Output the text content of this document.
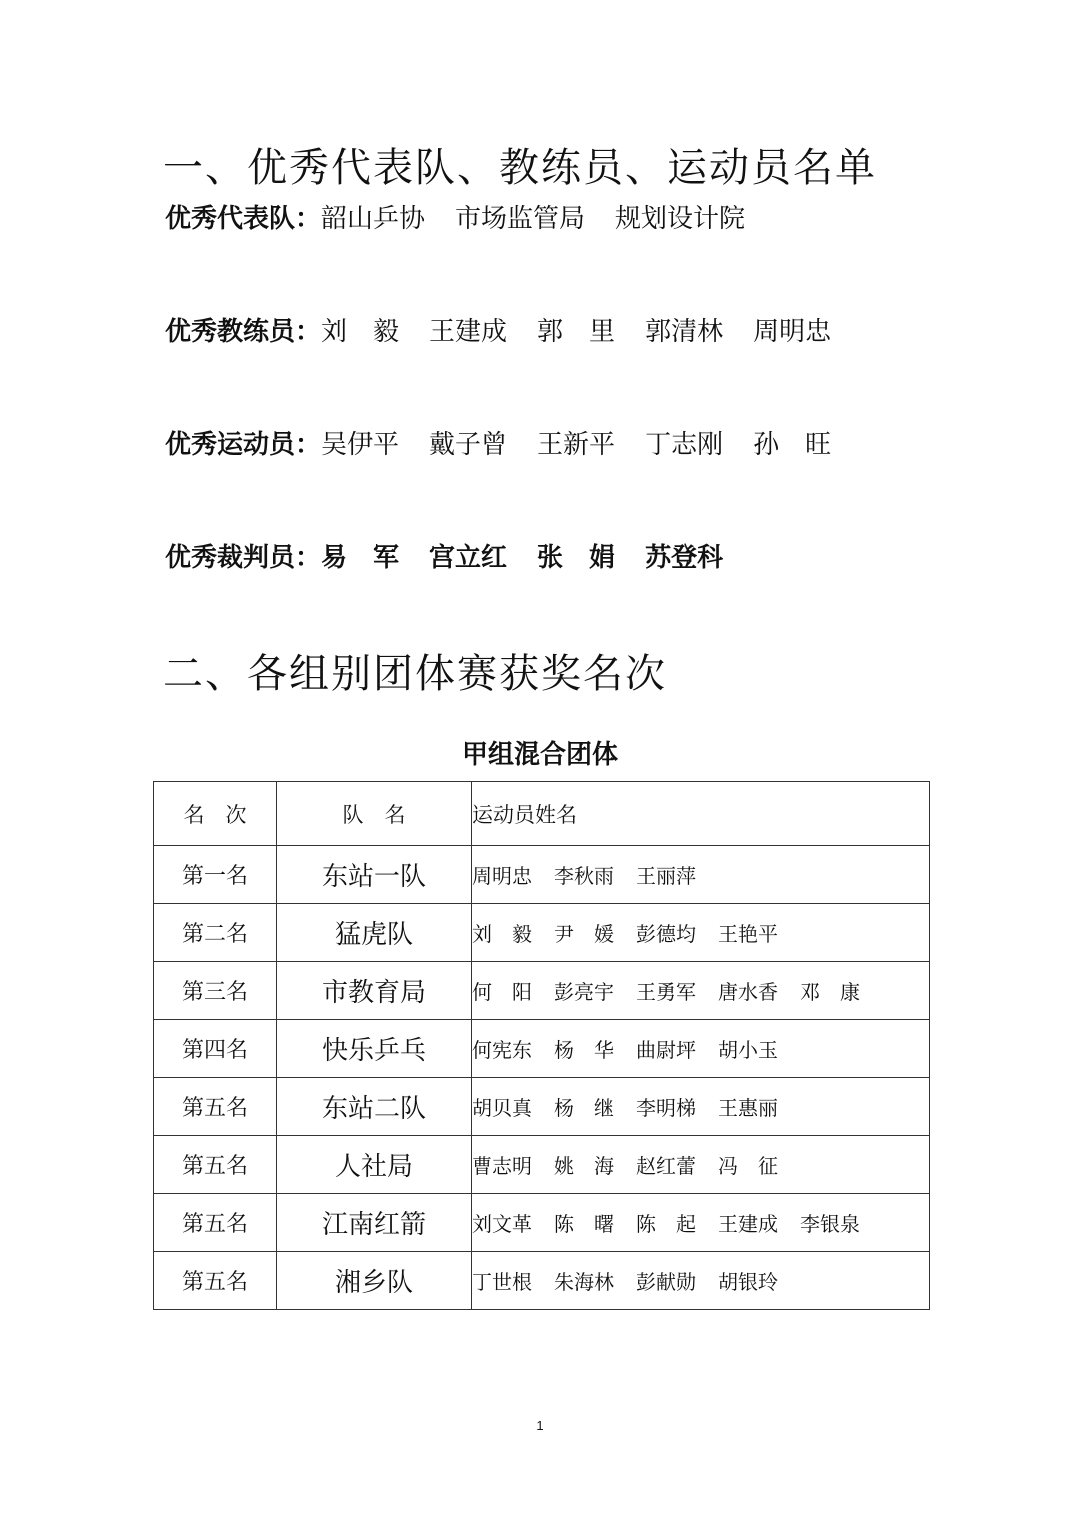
一、优秀代表队、教练员、运动员名单
优秀代表队：韶山乒协 市场监管局 规划设计院
优秀教练员：刘　毅 王建成 郭　里 郭清林 周明忠
优秀运动员：吴伊平 戴子曾 王新平 丁志刚 孙　旺
优秀裁判员：易　军 宫立红 张　娟 苏登科
二、各组别团体赛获奖名次
甲组混合团体
名　次	队　名	运动员姓名
第一名	东站一队	周明忠 李秋雨 王丽萍
第二名	猛虎队	刘　毅 尹　媛 彭德均 王艳平
第三名	市教育局	何　阳 彭亮宇 王勇军 唐水香 邓　康
第四名	快乐乒乓	何宪东 杨　华 曲尉坪 胡小玉
第五名	东站二队	胡贝真 杨　继 李明梯 王惠丽
第五名	人社局	曹志明 姚　海 赵红蕾 冯　征
第五名	江南红箭	刘文革 陈　曙 陈　起 王建成 李银泉
第五名	湘乡队	丁世根 朱海林 彭献勋 胡银玲
1
